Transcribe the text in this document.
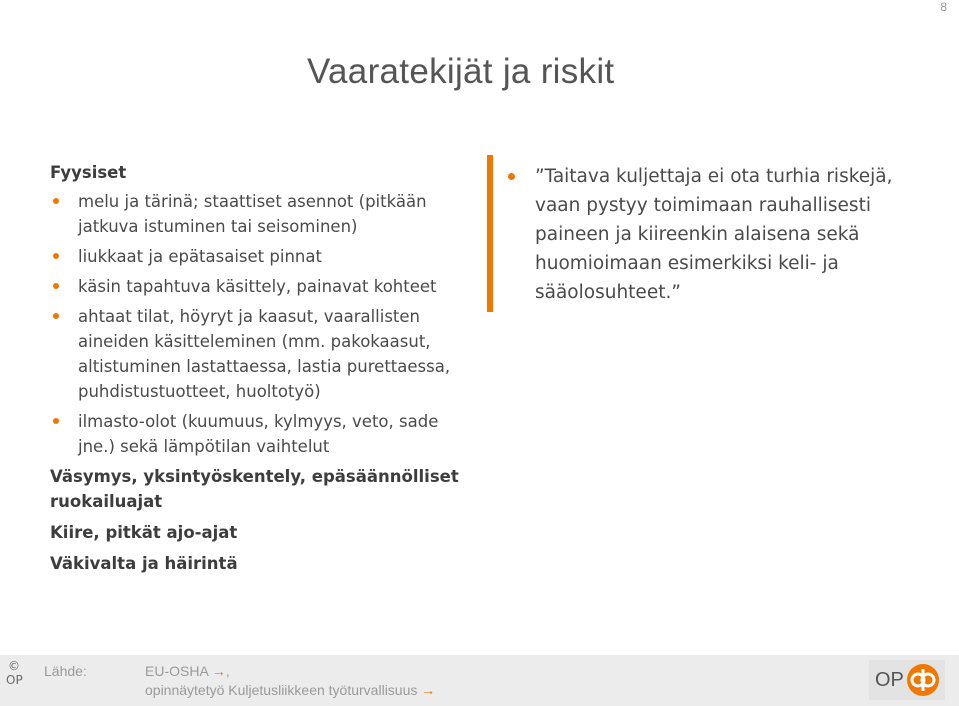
8
Vaaratekijät ja riskit
Fyysiset
melu ja tärinä; staattiset asennot (pitkään jatkuva istuminen tai seisominen)
liukkaat ja epätasaiset pinnat
käsin tapahtuva käsittely, painavat kohteet
ahtaat tilat, höyryt ja kaasut, vaarallisten aineiden käsitteleminen (mm. pakokaasut, altistuminen lastattaessa, lastia purettaessa, puhdistustuotteet, huoltotyö)
ilmasto-olot (kuumuus, kylmyys, veto, sade jne.) sekä lämpötilan vaihtelut
Väsymys, yksintyöskentely, epäsäännölliset ruokailuajat
Kiire, pitkät ajo-ajat
Väkivalta ja häirintä
”Taitava kuljettaja ei ota turhia riskejä, vaan pystyy toimimaan rauhallisesti paineen ja kiireenkin alaisena sekä huomioimaan esimerkiksi keli- ja sääolosuhteet.”
©
OP
Lähde:	EU-OSHA →,
opinnäytetyö Kuljetusliikkeen työturvallisuus →	OP
